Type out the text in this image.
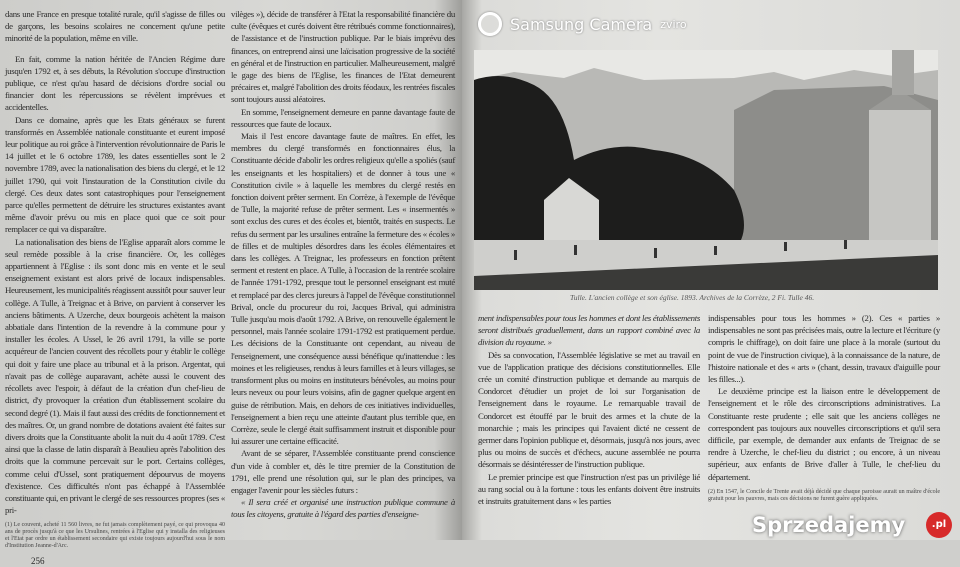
dans une France en presque totalité rurale, qu'il s'agisse de filles ou de garçons, les besoins scolaires ne concernent qu'une petite minorité de la population, même en ville.

En fait, comme la nation héritée de l'Ancien Régime dure jusqu'en 1792 et, à ses débuts, la Révolution s'occupe d'instruction publique, ce n'est qu'au hasard de décisions d'ordre social ou financier dont les répercussions se révèlent imprévues et accidentelles.

Dans ce domaine, après que les Etats généraux se furent transformés en Assemblée nationale constituante et eurent imposé leur politique au roi grâce à l'intervention révolutionnaire de Paris le 14 juillet et le 6 octobre 1789, les dates essentielles sont le 2 novembre 1789, avec la nationalisation des biens du clergé, et le 12 juillet 1790, qui voit l'instauration de la Constitution civile du clergé. Ces deux dates sont catastrophiques pour l'enseignement parce qu'elles permettent de détruire les structures existantes avant même d'avoir prévu ou mis en place quoi que ce soit pour remplacer ce qui va disparaître.

La nationalisation des biens de l'Eglise apparaît alors comme le seul remède possible à la crise financière. Or, les collèges appartiennent à l'Eglise : ils sont donc mis en vente et le seul enseignement existant est alors privé de locaux indispensables. Heureusement, les municipalités réagissent aussitôt pour sauver leur collège. A Tulle, à Treignac et à Brive, on parvient à conserver les anciens bâtiments. A Uzerche, deux bourgeois achètent la maison abbatiale dans l'intention de la revendre à la commune pour y installer les écoles. A Ussel, le 26 avril 1791, la ville se porte acquéreur de l'ancien couvent des récollets pour y établir le collège qui doit y faire une place au tribunal et à la prison. Argentat, qui n'avait pas de collège auparavant, achète aussi le couvent des récollets avec l'espoir, à défaut de la création d'un chef-lieu de district, d'y provoquer la création d'un établissement scolaire du second degré (1). Mais il faut aussi des crédits de fonctionnement et des maîtres. Or, un grand nombre de dotations avaient été faites sur divers droits que la Constituante abolit la nuit du 4 août 1789. C'est ainsi que la classe de latin disparaît à Beaulieu après l'abolition des droits que la commune percevait sur le port. Certains collèges, comme celui d'Ussel, sont pratiquement dépourvus de moyens d'existence. Ces difficultés n'ont pas échappé à l'Assemblée constituante qui, en privant le clergé de ses ressources propres (ses « pri-

(1) Le couvent, acheté 11 560 livres, ne fut jamais complètement payé, ce qui provoqua 40 ans de procès jusqu'à ce que les Ursulines, rentrées à l'Eglise qui y installa des religieuses et l'Etat par ordre un établissement secondaire qui existe toujours aujourd'hui sous le nom d'Institution Jeanne-d'Arc.
256

vilèges »), décide de transférer à l'Etat la responsabilité financière du culte (évêques et curés doivent être rétribués comme fonctionnaires), de l'assistance et de l'instruction publique. Par le biais imprévu des finances, on entreprend ainsi une laïcisation progressive de la société en général et de l'instruction en particulier. Malheureusement, malgré le gage des biens de l'Eglise, les finances de l'Etat demeurent précaires et, malgré l'abolition des droits féodaux, les rentrées fiscales sont toujours aussi aléatoires.

En somme, l'enseignement demeure en panne davantage faute de ressources que faute de locaux.

Mais il l'est encore davantage faute de maîtres. En effet, les membres du clergé transformés en fonctionnaires élus, la Constituante décide d'abolir les ordres religieux qu'elle a spoliés (sauf les enseignants et les hospitaliers) et de donner à tous une « Constitution civile » à laquelle les membres du clergé restés en fonction doivent prêter serment. En Corrèze, à l'exemple de l'évêque de Tulle, la majorité refuse de prêter serment. Les « insermentés » sont exclus des cures et des écoles et, bientôt, traités en suspects. Le refus du serment par les ursulines entraîne la fermeture des « écoles » de filles et de multiples désordres dans les écoles élémentaires et dans les collèges. A Treignac, les professeurs en fonction prêtent serment et restent en place. A Tulle, à l'occasion de la rentrée scolaire de l'année 1791-1792, presque tout le personnel enseignant est muté et remplacé par des clercs jureurs à l'appel de l'évêque constitutionnel Brival, oncle du procureur du roi, Jacques Brival, qui administra Tulle jusqu'au mois d'août 1792. A Brive, on renouvelle également le personnel, mais l'année scolaire 1791-1792 est pratiquement perdue. Les décisions de la Constituante ont cependant, au niveau de l'enseignement, une conséquence aussi bénéfique qu'inattendue : les moines et les religieuses, rendus à leurs familles et à leurs villages, se transforment plus ou moins en instituteurs bénévoles, au moins pour leurs neveux ou pour leurs voisins, afin de gagner quelque argent en guise de rétribution. Mais, en dehors de ces initiatives individuelles, l'enseignement a bien reçu une atteinte d'autant plus terrible que, en Corrèze, seule le clergé était suffisamment instruit et disponible pour lui assurer une certaine efficacité.

Avant de se séparer, l'Assemblée constituante prend conscience d'un vide à combler et, dès le titre premier de la Constitution de 1791, elle prend une résolution qui, sur le plan des principes, va engager l'avenir pour les siècles futurs :

« Il sera créé et organisé une instruction publique commune à tous les citoyens, gratuite à l'égard des parties d'enseigne-

Samsung Camera zviro
Tulle. L'ancien collège et son église. 1893. Archives de la Corrèze, 2 Fi. Tulle 46.

ment indispensables pour tous les hommes et dont les établissements seront distribués graduellement, dans un rapport combiné avec la division du royaume. »

Dès sa convocation, l'Assemblée législative se met au travail en vue de l'application pratique des décisions constitutionnelles. Elle crée un comité d'instruction publique et demande au marquis de Condorcet d'étudier un projet de loi sur l'organisation de l'enseignement dans le royaume. Le remarquable travail de Condorcet est étouffé par le bruit des armes et la chute de la monarchie ; mais les principes qui l'avaient dicté ne cessent de germer dans l'opinion publique et, désormais, jusqu'à nos jours, avec plus ou moins de succès et d'échecs, aucune assemblée ne pourra désormais se désintéresser de l'instruction publique.

Le premier principe est que l'instruction n'est pas un privilège lié au rang social ou à la fortune : tous les enfants doivent être instruits et instruits gratuitement dans « les parties

indispensables pour tous les hommes » (2). Ces « parties » indispensables ne sont pas précisées mais, outre la lecture et l'écriture (y compris le chiffrage), on doit faire une place à la morale (surtout du point de vue de l'instruction civique), à la connaissance de la nature, de l'histoire nationale et des « arts » (chant, dessin, travaux d'aiguille pour les filles...).

Le deuxième principe est la liaison entre le développement de l'enseignement et le rôle des circonscriptions administratives. La Constituante reste prudente ; elle sait que les anciens collèges ne correspondent pas toujours aux nouvelles circonscriptions et qu'il sera difficile, par exemple, de demander aux enfants de Treignac de se rendre à Uzerche, le chef-lieu du district ; ou encore, à un niveau supérieur, aux enfants de Brive d'aller à Tulle, le chef-lieu du département.

(2) En 1547, le Concile de Trente avait déjà décidé que chaque paroisse aurait un maître d'école gratuit pour les pauvres, mais ces décisions ne furent guère appliquées.
Sprzedajemy	.pl
